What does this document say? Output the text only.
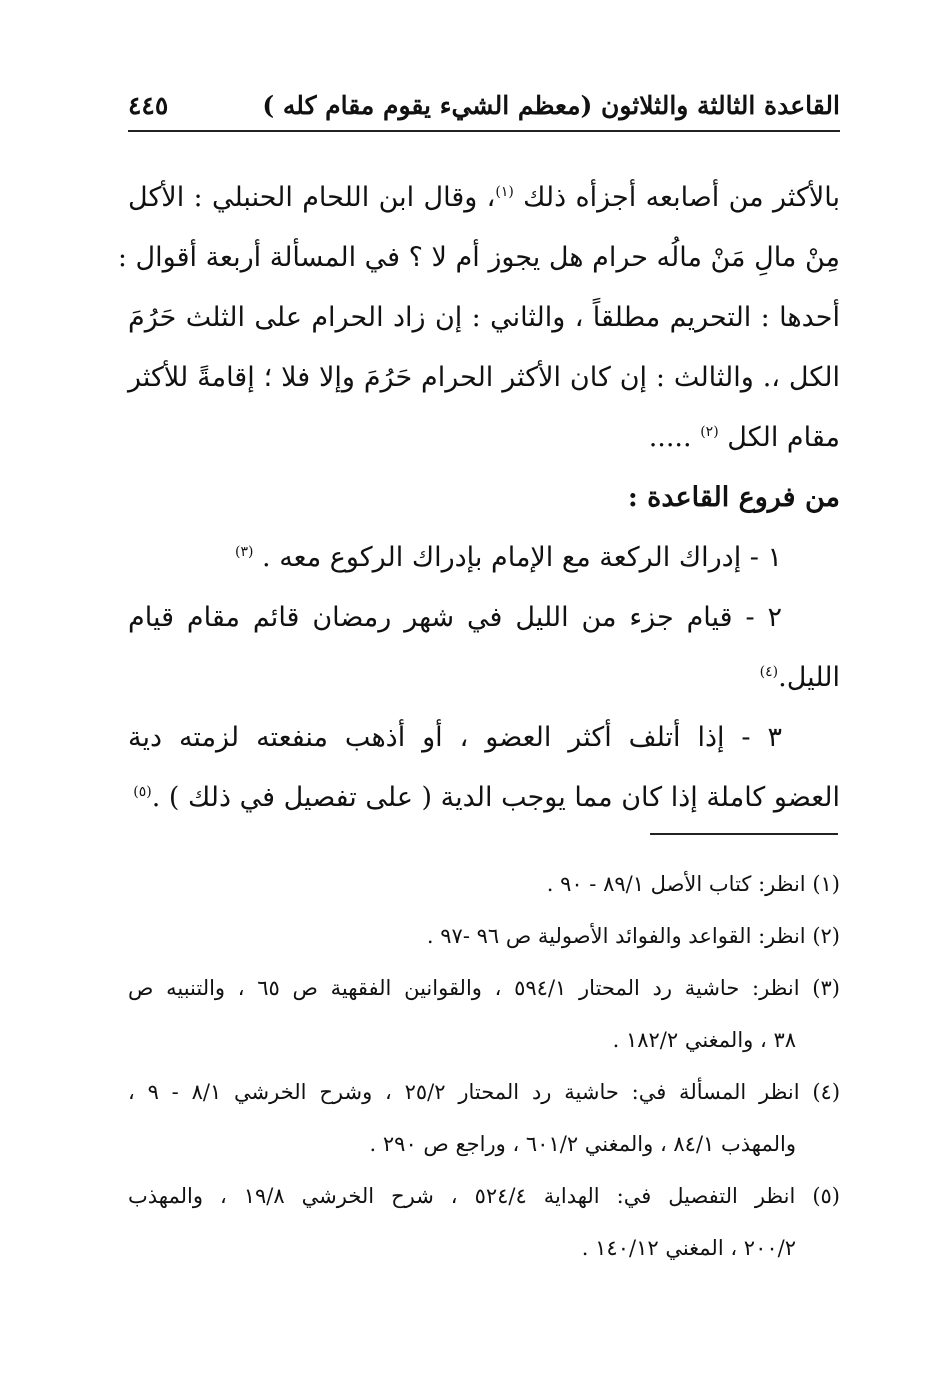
القاعدة الثالثة والثلاثون (معظم الشيء يقوم مقام كله )
٤٤٥
بالأكثر من أصابعه أجزأه ذلك $^{(١)}$، وقال ابن اللحام الحنبلي : الأكل
مِنْ مالِ مَنْ مالُه حرام هل يجوز أم لا ؟ في المسألة أربعة أقوال :
أحدها : التحريم مطلقاً ، والثاني : إن زاد الحرام على الثلث حَرُمَ
الكل ،. والثالث : إن كان الأكثر الحرام حَرُمَ وإلا فلا ؛ إقامةً للأكثر
مقام الكل $^{(٢)}$ .....
من فروع القاعدة :
١ - إدراك الركعة مع الإمام بإدراك الركوع معه . $^{(٣)}$
٢ - قيام جزء من الليل في شهر رمضان قائم مقام قيام
الليل.$^{(٤)}$
٣ - إذا أتلف أكثر العضو ، أو أذهب منفعته لزمته دية
العضو كاملة إذا كان مما يوجب الدية ( على تفصيل في ذلك ) .$^{(٥)}$
(١) انظر: كتاب الأصل ٨٩/١ - ٩٠ .
(٢) انظر: القواعد والفوائد الأصولية ص ٩٦ -٩٧ .
(٣) انظر: حاشية رد المحتار ٥٩٤/١ ، والقوانين الفقهية ص ٦٥ ، والتنبيه ص
٣٨ ، والمغني ١٨٢/٢ .
(٤) انظر المسألة في: حاشية رد المحتار ٢٥/٢ ، وشرح الخرشي ٨/١ - ٩ ،
والمهذب ٨٤/١ ، والمغني ٦٠١/٢ ، وراجع ص ٢٩٠ .
(٥) انظر التفصيل في: الهداية ٥٢٤/٤ ، شرح الخرشي ١٩/٨ ، والمهذب
٢٠٠/٢ ، المغني ١٤٠/١٢ .
